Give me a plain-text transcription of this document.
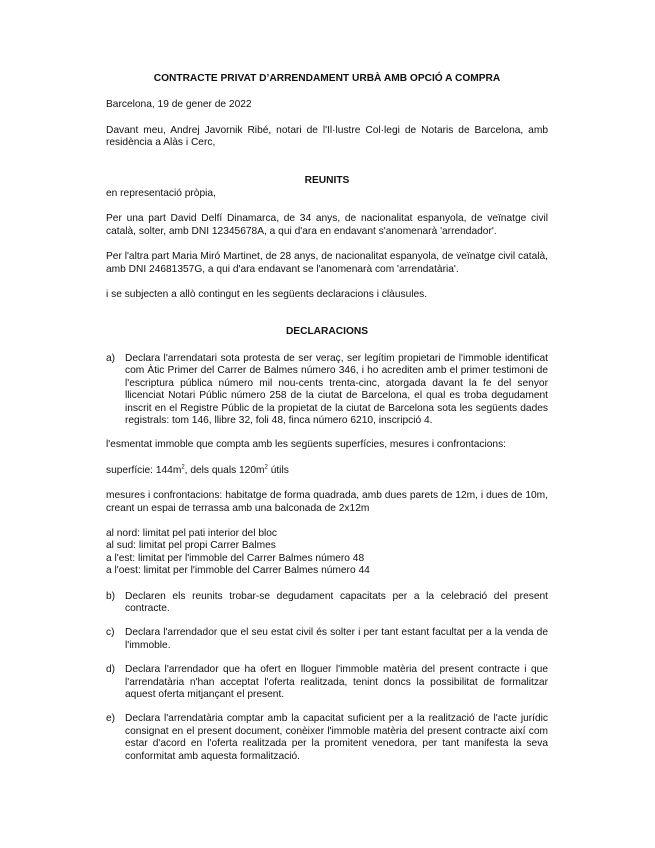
CONTRACTE PRIVAT D’ARRENDAMENT URBÀ AMB OPCIÓ A COMPRA

Barcelona, 19 de gener de 2022

Davant meu, Andrej Javornik Ribé, notari de l'Il·lustre Col·legi de Notaris de Barcelona, amb residència a Alàs i Cerc,

REUNITS

en representació pròpia,

Per una part David Delfí Dinamarca, de 34 anys, de nacionalitat espanyola, de veïnatge civil català, solter, amb DNI 12345678A, a qui d'ara en endavant s'anomenarà 'arrendador'.

Per l'altra part Maria Miró Martinet, de 28 anys, de nacionalitat espanyola, de veïnatge civil català, amb DNI 24681357G, a qui d'ara endavant se l'anomenarà com 'arrendatària'.

i se subjecten a allò contingut en les següents declaracions i clàusules.

DECLARACIONS

a) Declara l'arrendatari sota protesta de ser veraç, ser legítim propietari de l'immoble identificat com Àtic Primer del Carrer de Balmes número 346, i ho acrediten amb el primer testimoni de l'escriptura pública número mil nou-cents trenta-cinc, atorgada davant la fe del senyor llicenciat Notari Públic número 258 de la ciutat de Barcelona, el qual es troba degudament inscrit en el Registre Públic de la propietat de la ciutat de Barcelona sota les següents dades registrals: tom 146, llibre 32, foli 48, finca número 6210, inscripció 4.

l'esmentat immoble que compta amb les següents superfícies, mesures i confrontacions:

superfície: $144m^2$, dels quals $120m^2$ útils

mesures i confrontacions: habitatge de forma quadrada, amb dues parets de 12m, i dues de 10m, creant un espai de terrassa amb una balconada de 2x12m

al nord: limitat pel pati interior del bloc

al sud: limitat pel propi Carrer Balmes

a l'est: limitat per l'immoble del Carrer Balmes número 48

a l'oest: limitat per l'immoble del Carrer Balmes número 44

b) Declaren els reunits trobar-se degudament capacitats per a la celebració del present contracte.
c)	Declara l'arrendador que el seu estat civil és solter i per tant estant facultat per a la venda de l'immoble.
d) Declara l'arrendador que ha ofert en lloguer l'immoble matèria del present contracte i que l'arrendatària n'han acceptat l'oferta realitzada, tenint doncs la possibilitat de formalitzar aquest oferta mitjançant el present.
e) Declara l'arrendatària comptar amb la capacitat suficient per a la realització de l'acte jurídic consignat en el present document, conèixer l'immoble matèria del present contracte així com estar d'acord en l'oferta realitzada per la promitent venedora, per tant manifesta la seva conformitat amb aquesta formalització.
